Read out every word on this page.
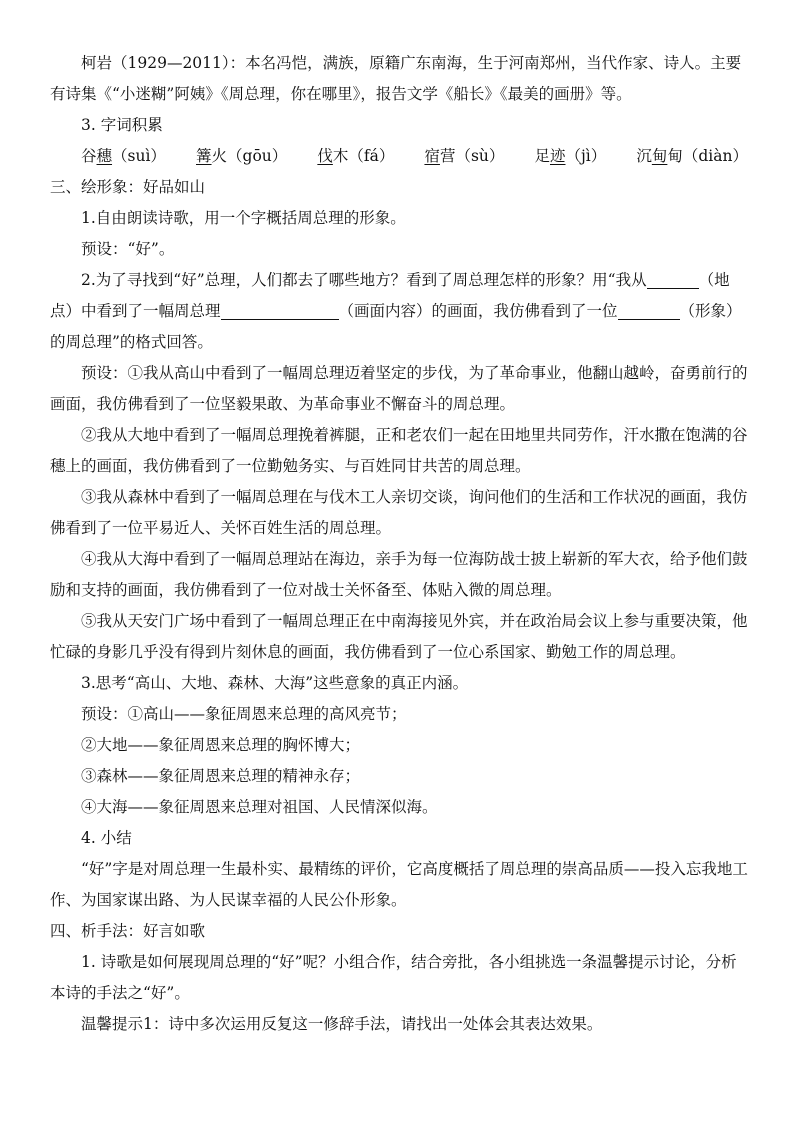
柯岩（1929—2011）：本名冯恺，满族，原籍广东南海，生于河南郑州，当代作家、诗人。主要

有诗集《“小迷糊”阿姨》《周总理，你在哪里》，报告文学《船长》《最美的画册》等。

3. 字词积累

谷穗（suì） 篝火（gōu） 伐木（fá） 宿营（sù） 足迹（jì） 沉甸甸（diàn）

三、绘形象：好品如山

1.自由朗读诗歌，用一个字概括周总理的形象。

预设：“好”。

2.为了寻找到“好”总理，人们都去了哪些地方？看到了周总理怎样的形象？用“我从	（地点）中看到了一幅周总理	（画面内容）的画面，我仿佛看到了一位	（形象）的周总理”的格式回答。

预设：①我从高山中看到了一幅周总理迈着坚定的步伐，为了革命事业，他翻山越岭，奋勇前行的画面，我仿佛看到了一位坚毅果敢、为革命事业不懈奋斗的周总理。

②我从大地中看到了一幅周总理挽着裤腿，正和老农们一起在田地里共同劳作，汗水撒在饱满的谷穗上的画面，我仿佛看到了一位勤勉务实、与百姓同甘共苦的周总理。

③我从森林中看到了一幅周总理在与伐木工人亲切交谈，询问他们的生活和工作状况的画面，我仿佛看到了一位平易近人、关怀百姓生活的周总理。

④我从大海中看到了一幅周总理站在海边，亲手为每一位海防战士披上崭新的军大衣，给予他们鼓励和支持的画面，我仿佛看到了一位对战士关怀备至、体贴入微的周总理。

⑤我从天安门广场中看到了一幅周总理正在中南海接见外宾，并在政治局会议上参与重要决策，他忙碌的身影几乎没有得到片刻休息的画面，我仿佛看到了一位心系国家、勤勉工作的周总理。

3.思考“高山、大地、森林、大海”这些意象的真正内涵。

预设：①高山——象征周恩来总理的高风亮节；

②大地——象征周恩来总理的胸怀博大；

③森林——象征周恩来总理的精神永存；

④大海——象征周恩来总理对祖国、人民情深似海。

4. 小结

“好”字是对周总理一生最朴实、最精练的评价，它高度概括了周总理的崇高品质——投入忘我地工作、为国家谋出路、为人民谋幸福的人民公仆形象。

四、析手法：好言如歌

1. 诗歌是如何展现周总理的“好”呢？小组合作，结合旁批，各小组挑选一条温馨提示讨论，分析本诗的手法之“好”。

温馨提示1：诗中多次运用反复这一修辞手法，请找出一处体会其表达效果。
